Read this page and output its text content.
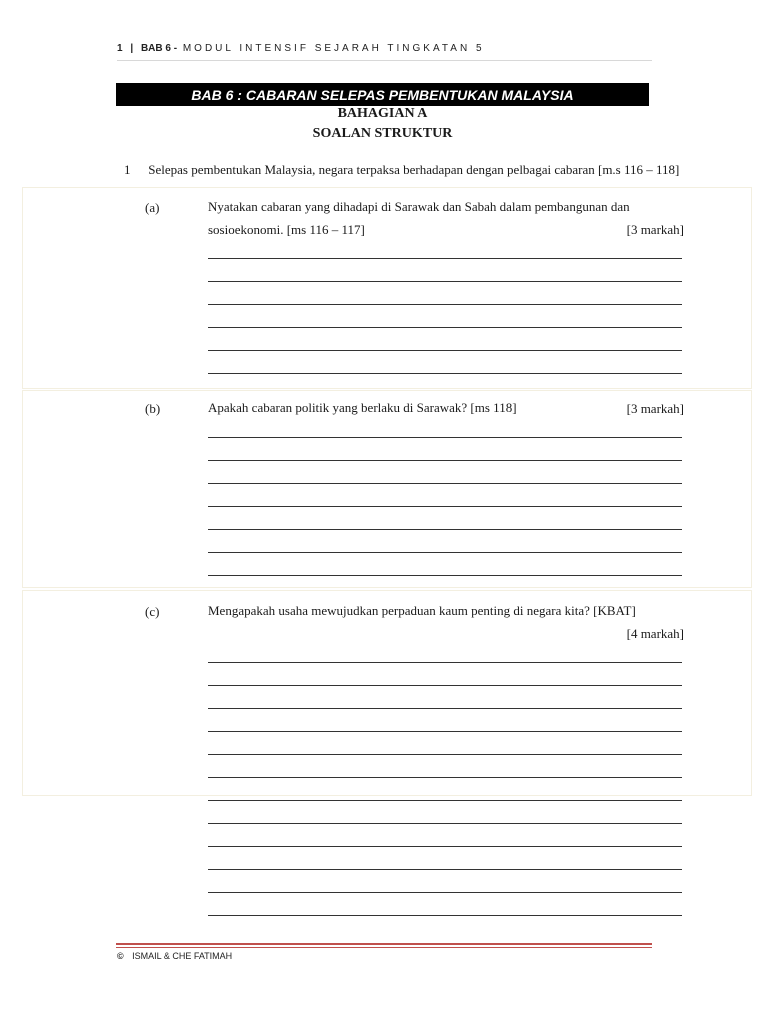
1 | BAB 6 - MODUL INTENSIF SEJARAH TINGKATAN 5
BAB 6 : CABARAN SELEPAS PEMBENTUKAN MALAYSIA
BAHAGIAN A
SOALAN STRUKTUR
1 Selepas pembentukan Malaysia, negara terpaksa berhadapan dengan pelbagai cabaran [m.s 116 – 118]
(a)	Nyatakan cabaran yang dihadapi di Sarawak dan Sabah dalam pembangunan dan
sosioekonomi. [ms 116 – 117]	[3 markah]
(b)	Apakah cabaran politik yang berlaku di Sarawak? [ms 118]	[3 markah]
(c)	Mengapakah usaha mewujudkan perpaduan kaum penting di negara kita? [KBAT]
[4 markah]
© ISMAIL & CHE FATIMAH
